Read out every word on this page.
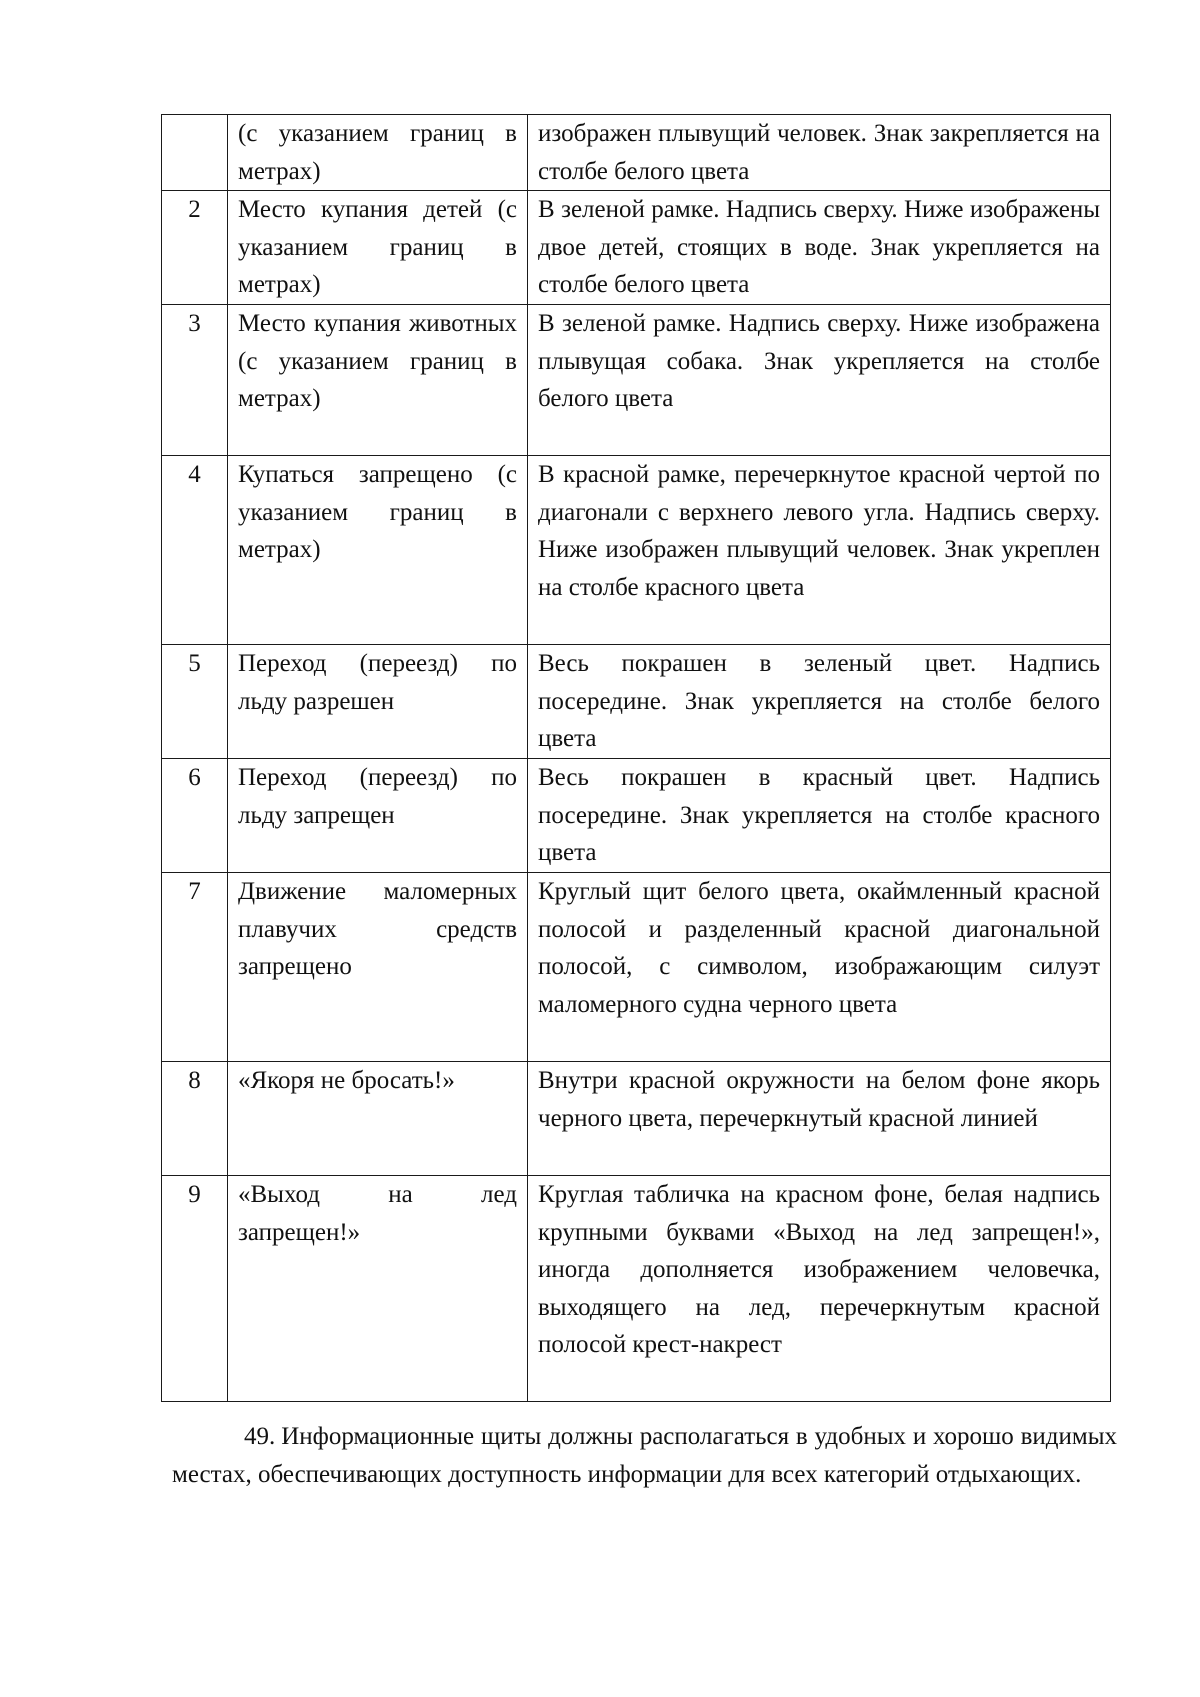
	(с указанием границ в метрах)	изображен плывущий человек. Знак закрепляется на столбе белого цвета
2	Место купания детей (с указанием границ в метрах)	В зеленой рамке. Надпись сверху. Ниже изображены двое детей, стоящих в воде. Знак укрепляется на столбе белого цвета
3	Место купания животных (с указанием границ в метрах)	В зеленой рамке. Надпись сверху. Ниже изображена плывущая собака. Знак укрепляется на столбе белого цвета
4	Купаться запрещено (с указанием границ в метрах)	В красной рамке, перечеркнутое красной чертой по диагонали с верхнего левого угла. Надпись сверху. Ниже изображен плывущий человек. Знак укреплен на столбе красного цвета
5	Переход (переезд) по льду разрешен	Весь покрашен в зеленый цвет. Надпись посередине. Знак укрепляется на столбе белого цвета
6	Переход (переезд) по льду запрещен	Весь покрашен в красный цвет. Надпись посередине. Знак укрепляется на столбе красного цвета
7	Движение маломерных плавучих средств запрещено	Круглый щит белого цвета, окаймленный красной полосой и разделенный красной диагональной полосой, с символом, изображающим силуэт маломерного судна черного цвета
8	«Якоря не бросать!»	Внутри красной окружности на белом фоне якорь черного цвета, перечеркнутый красной линией
9	«Выход на лед запрещен!»	Круглая табличка на красном фоне, белая надпись крупными буквами «Выход на лед запрещен!», иногда дополняется изображением человечка, выходящего на лед, перечеркнутым красной полосой крест-накрест

49. Информационные щиты должны располагаться в удобных и хорошо видимых местах, обеспечивающих доступность информации для всех категорий отдыхающих.
